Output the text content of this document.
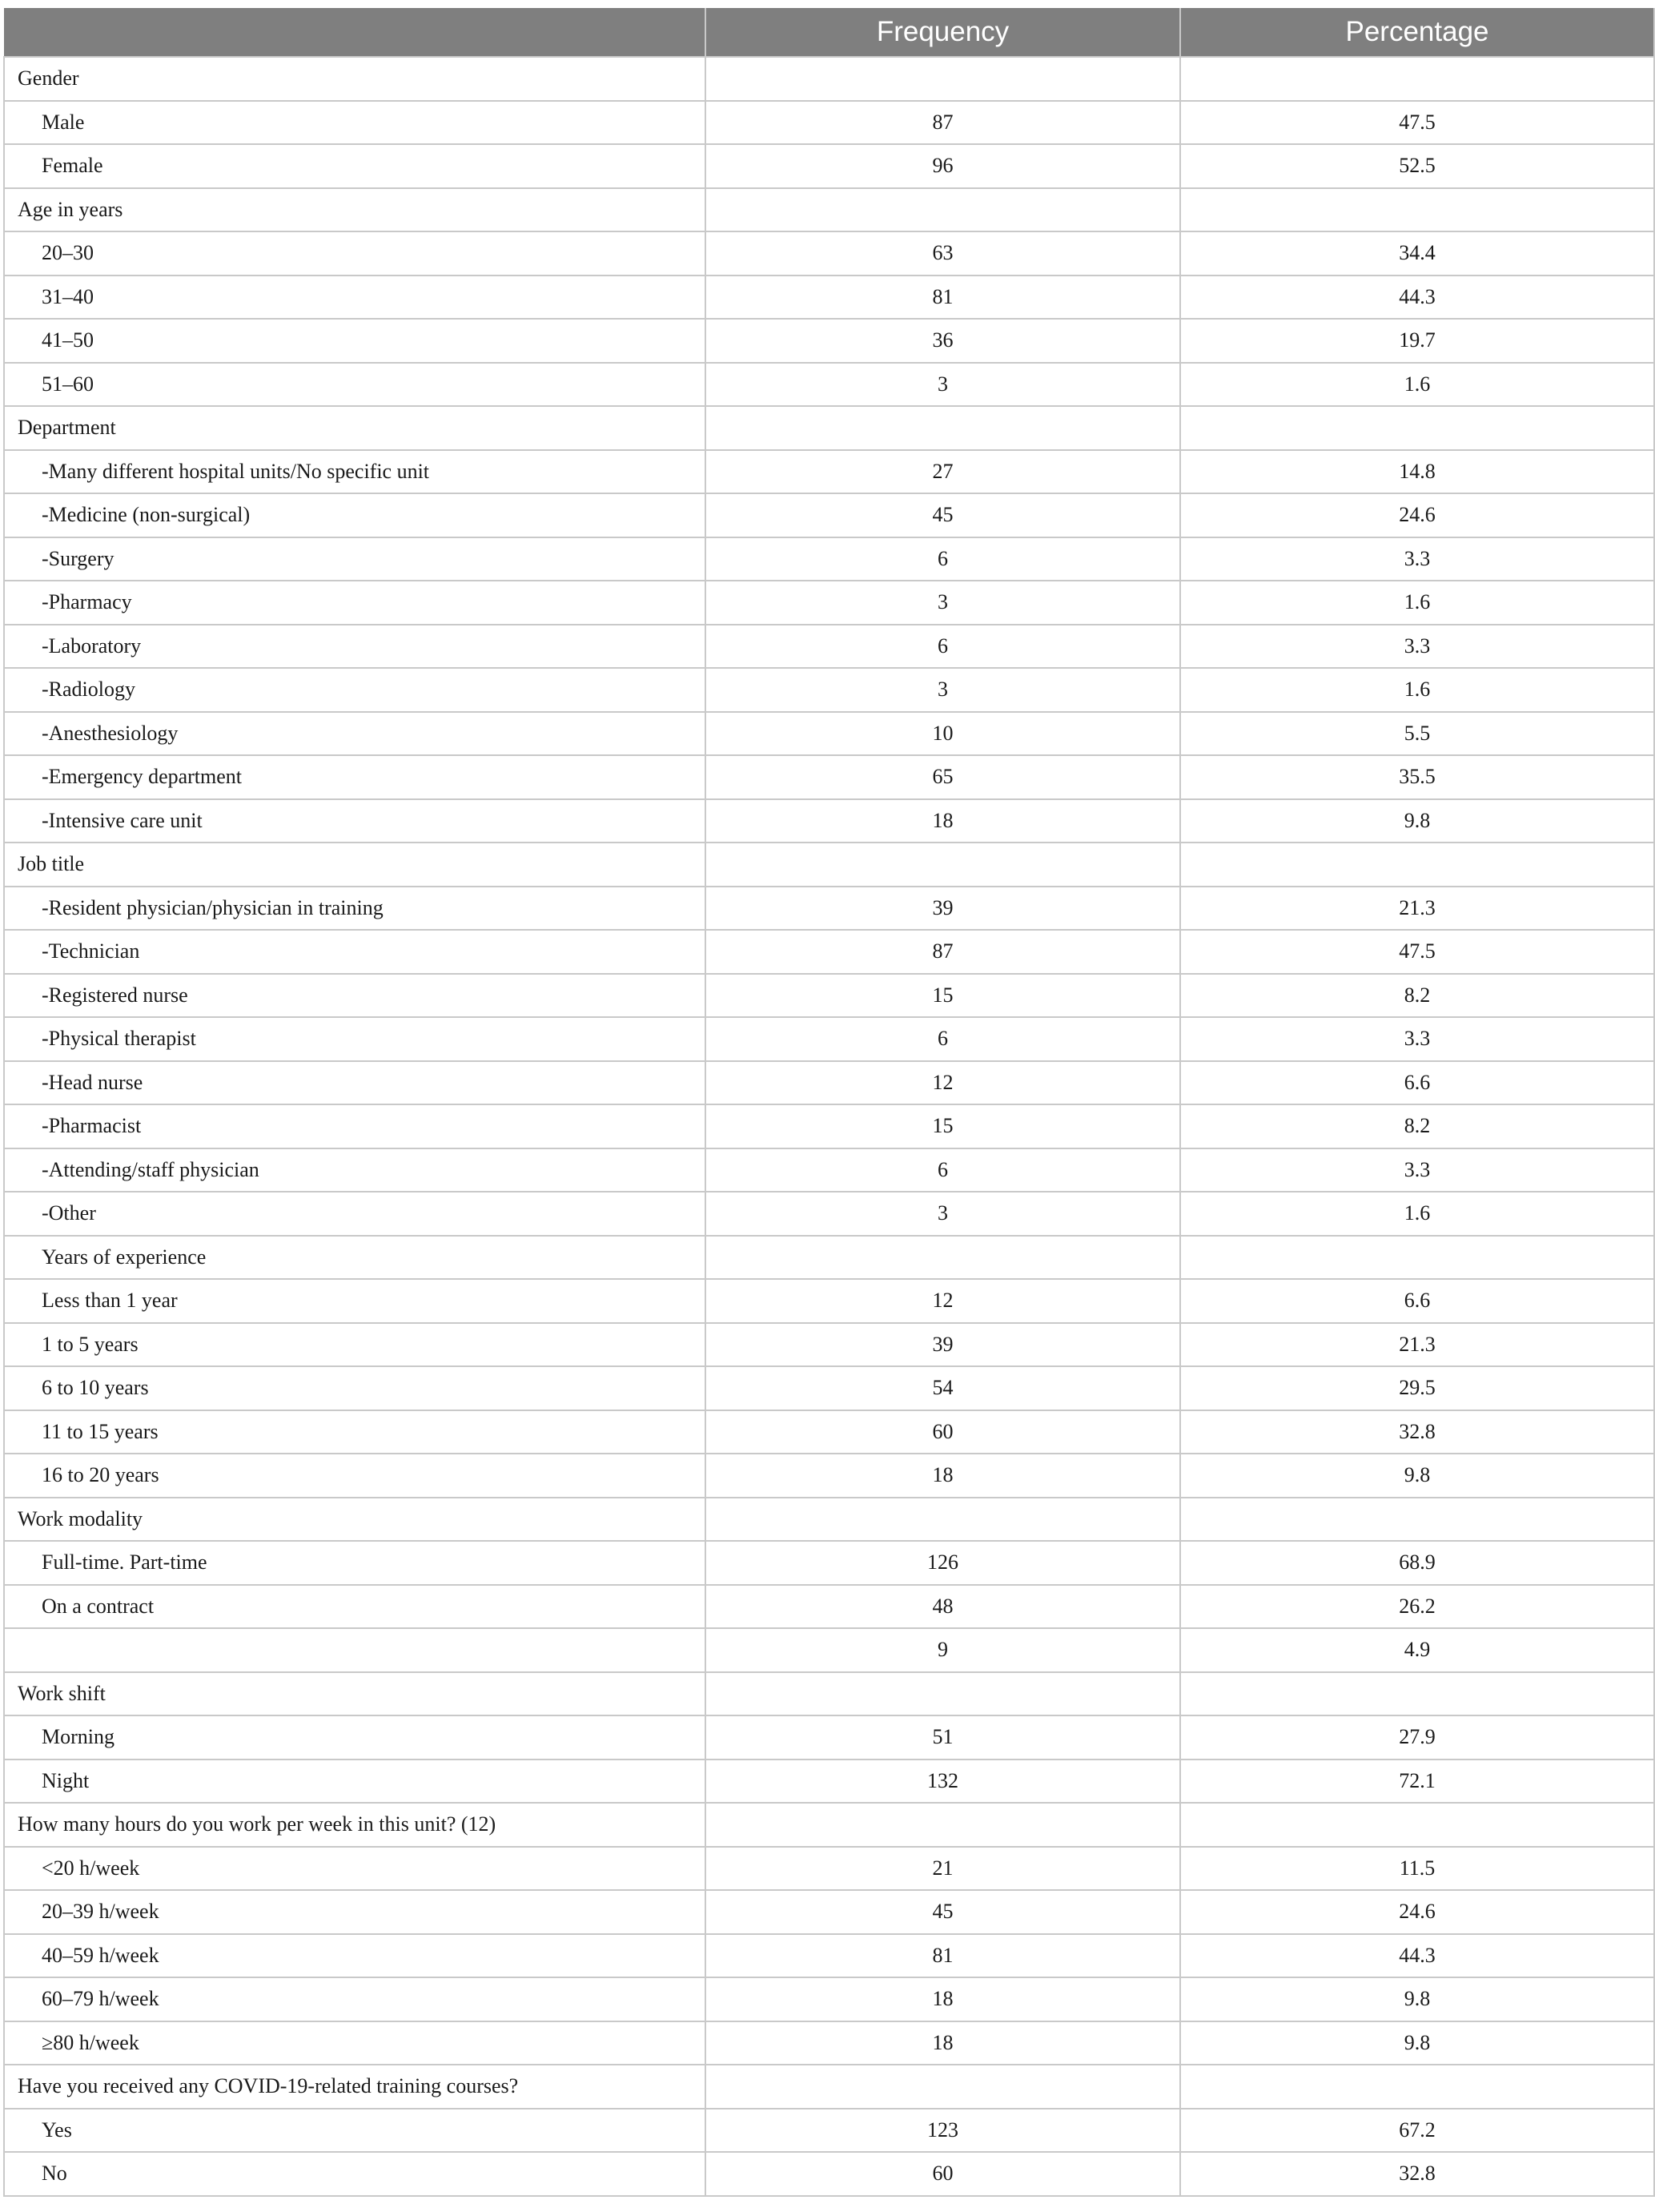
	Frequency	Percentage
Gender		
Male	87	47.5
Female	96	52.5
Age in years		
20–30	63	34.4
31–40	81	44.3
41–50	36	19.7
51–60	3	1.6
Department		
-Many different hospital units/No specific unit	27	14.8
-Medicine (non-surgical)	45	24.6
-Surgery	6	3.3
-Pharmacy	3	1.6
-Laboratory	6	3.3
-Radiology	3	1.6
-Anesthesiology	10	5.5
-Emergency department	65	35.5
-Intensive care unit	18	9.8
Job title		
-Resident physician/physician in training	39	21.3
-Technician	87	47.5
-Registered nurse	15	8.2
-Physical therapist	6	3.3
-Head nurse	12	6.6
-Pharmacist	15	8.2
-Attending/staff physician	6	3.3
-Other	3	1.6
Years of experience		
Less than 1 year	12	6.6
1 to 5 years	39	21.3
6 to 10 years	54	29.5
11 to 15 years	60	32.8
16 to 20 years	18	9.8
Work modality		
Full-time. Part-time	126	68.9
On a contract	48	26.2
	9	4.9
Work shift		
Morning	51	27.9
Night	132	72.1
How many hours do you work per week in this unit? (12)		
<20 h/week	21	11.5
20–39 h/week	45	24.6
40–59 h/week	81	44.3
60–79 h/week	18	9.8
≥80 h/week	18	9.8
Have you received any COVID-19-related training courses?		
Yes	123	67.2
No	60	32.8
